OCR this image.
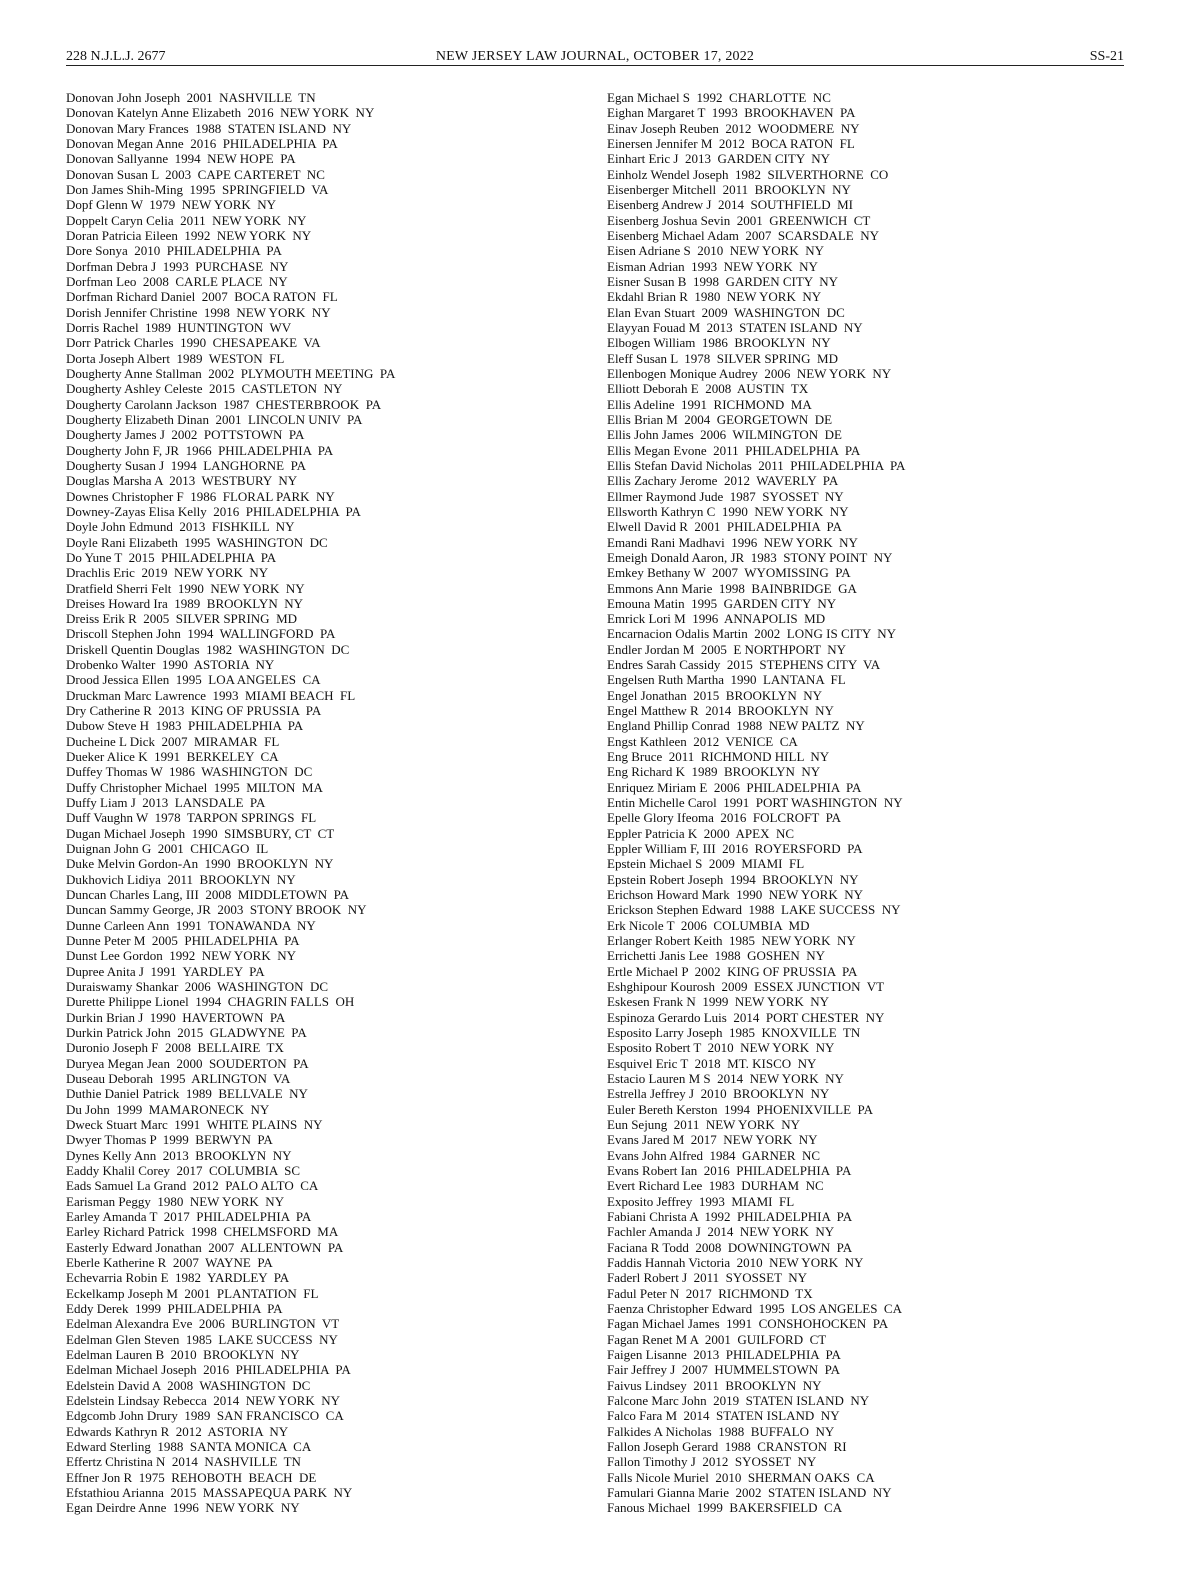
NEW JERSEY LAW JOURNAL, OCTOBER 17, 2022
228 N.J.L.J. 2677	SS-21
Donovan John Joseph  2001  NASHVILLE  TN
Donovan Katelyn Anne Elizabeth  2016  NEW YORK  NY
Donovan Mary Frances  1988  STATEN ISLAND  NY
Donovan Megan Anne  2016  PHILADELPHIA  PA
Donovan Sallyanne  1994  NEW HOPE  PA
Donovan Susan L  2003  CAPE CARTERET  NC
Don James Shih-Ming  1995  SPRINGFIELD  VA
Dopf Glenn W  1979  NEW YORK  NY
Doppelt Caryn Celia  2011  NEW YORK  NY
Doran Patricia Eileen  1992  NEW YORK  NY
Dore Sonya  2010  PHILADELPHIA  PA
Dorfman Debra J  1993  PURCHASE  NY
Dorfman Leo  2008  CARLE PLACE  NY
Dorfman Richard Daniel  2007  BOCA RATON  FL
Dorish Jennifer Christine  1998  NEW YORK  NY
Dorris Rachel  1989  HUNTINGTON  WV
Dorr Patrick Charles  1990  CHESAPEAKE  VA
Dorta Joseph Albert  1989  WESTON  FL
Dougherty Anne Stallman  2002  PLYMOUTH MEETING  PA
Dougherty Ashley Celeste  2015  CASTLETON  NY
Dougherty Carolann Jackson  1987  CHESTERBROOK  PA
Dougherty Elizabeth Dinan  2001  LINCOLN UNIV  PA
Dougherty James J  2002  POTTSTOWN  PA
Dougherty John F, JR  1966  PHILADELPHIA  PA
Dougherty Susan J  1994  LANGHORNE  PA
Douglas Marsha A  2013  WESTBURY  NY
Downes Christopher F  1986  FLORAL PARK  NY
Downey-Zayas Elisa Kelly  2016  PHILADELPHIA  PA
Doyle John Edmund  2013  FISHKILL  NY
Doyle Rani Elizabeth  1995  WASHINGTON  DC
Do Yune T  2015  PHILADELPHIA  PA
Drachlis Eric  2019  NEW YORK  NY
Dratfield Sherri Felt  1990  NEW YORK  NY
Dreises Howard Ira  1989  BROOKLYN  NY
Dreiss Erik R  2005  SILVER SPRING  MD
Driscoll Stephen John  1994  WALLINGFORD  PA
Driskell Quentin Douglas  1982  WASHINGTON  DC
Drobenko Walter  1990  ASTORIA  NY
Drood Jessica Ellen  1995  LOA ANGELES  CA
Druckman Marc Lawrence  1993  MIAMI BEACH  FL
Dry Catherine R  2013  KING OF PRUSSIA  PA
Dubow Steve H  1983  PHILADELPHIA  PA
Ducheine L Dick  2007  MIRAMAR  FL
Dueker Alice K  1991  BERKELEY  CA
Duffey Thomas W  1986  WASHINGTON  DC
Duffy Christopher Michael  1995  MILTON  MA
Duffy Liam J  2013  LANSDALE  PA
Duff Vaughn W  1978  TARPON SPRINGS  FL
Dugan Michael Joseph  1990  SIMSBURY, CT  CT
Duignan John G  2001  CHICAGO  IL
Duke Melvin Gordon-An  1990  BROOKLYN  NY
Dukhovich Lidiya  2011  BROOKLYN  NY
Duncan Charles Lang, III  2008  MIDDLETOWN  PA
Duncan Sammy George, JR  2003  STONY BROOK  NY
Dunne Carleen Ann  1991  TONAWANDA  NY
Dunne Peter M  2005  PHILADELPHIA  PA
Dunst Lee Gordon  1992  NEW YORK  NY
Dupree Anita J  1991  YARDLEY  PA
Duraiswamy Shankar  2006  WASHINGTON  DC
Durette Philippe Lionel  1994  CHAGRIN FALLS  OH
Durkin Brian J  1990  HAVERTOWN  PA
Durkin Patrick John  2015  GLADWYNE  PA
Duronio Joseph F  2008  BELLAIRE  TX
Duryea Megan Jean  2000  SOUDERTON  PA
Duseau Deborah  1995  ARLINGTON  VA
Duthie Daniel Patrick  1989  BELLVALE  NY
Du John  1999  MAMARONECK  NY
Dweck Stuart Marc  1991  WHITE PLAINS  NY
Dwyer Thomas P  1999  BERWYN  PA
Dynes Kelly Ann  2013  BROOKLYN  NY
Eaddy Khalil Corey  2017  COLUMBIA  SC
Eads Samuel La Grand  2012  PALO ALTO  CA
Earisman Peggy  1980  NEW YORK  NY
Earley Amanda T  2017  PHILADELPHIA  PA
Earley Richard Patrick  1998  CHELMSFORD  MA
Easterly Edward Jonathan  2007  ALLENTOWN  PA
Eberle Katherine R  2007  WAYNE  PA
Echevarria Robin E  1982  YARDLEY  PA
Eckelkamp Joseph M  2001  PLANTATION  FL
Eddy Derek  1999  PHILADELPHIA  PA
Edelman Alexandra Eve  2006  BURLINGTON  VT
Edelman Glen Steven  1985  LAKE SUCCESS  NY
Edelman Lauren B  2010  BROOKLYN  NY
Edelman Michael Joseph  2016  PHILADELPHIA  PA
Edelstein David A  2008  WASHINGTON  DC
Edelstein Lindsay Rebecca  2014  NEW YORK  NY
Edgcomb John Drury  1989  SAN FRANCISCO  CA
Edwards Kathryn R  2012  ASTORIA  NY
Edward Sterling  1988  SANTA MONICA  CA
Effertz Christina N  2014  NASHVILLE  TN
Effner Jon R  1975  REHOBOTH  BEACH  DE
Efstathiou Arianna  2015  MASSAPEQUA PARK  NY
Egan Deirdre Anne  1996  NEW YORK  NY
Egan Michael S  1992  CHARLOTTE  NC
Eighan Margaret T  1993  BROOKHAVEN  PA
Einav Joseph Reuben  2012  WOODMERE  NY
Einersen Jennifer M  2012  BOCA RATON  FL
Einhart Eric J  2013  GARDEN CITY  NY
Einholz Wendel Joseph  1982  SILVERTHORNE  CO
Eisenberger Mitchell  2011  BROOKLYN  NY
Eisenberg Andrew J  2014  SOUTHFIELD  MI
Eisenberg Joshua Sevin  2001  GREENWICH  CT
Eisenberg Michael Adam  2007  SCARSDALE  NY
Eisen Adriane S  2010  NEW YORK  NY
Eisman Adrian  1993  NEW YORK  NY
Eisner Susan B  1998  GARDEN CITY  NY
Ekdahl Brian R  1980  NEW YORK  NY
Elan Evan Stuart  2009  WASHINGTON  DC
Elayyan Fouad M  2013  STATEN ISLAND  NY
Elbogen William  1986  BROOKLYN  NY
Eleff Susan L  1978  SILVER SPRING  MD
Ellenbogen Monique Audrey  2006  NEW YORK  NY
Elliott Deborah E  2008  AUSTIN  TX
Ellis Adeline  1991  RICHMOND  MA
Ellis Brian M  2004  GEORGETOWN  DE
Ellis John James  2006  WILMINGTON  DE
Ellis Megan Evone  2011  PHILADELPHIA  PA
Ellis Stefan David Nicholas  2011  PHILADELPHIA  PA
Ellis Zachary Jerome  2012  WAVERLY  PA
Ellmer Raymond Jude  1987  SYOSSET  NY
Ellsworth Kathryn C  1990  NEW YORK  NY
Elwell David R  2001  PHILADELPHIA  PA
Emandi Rani Madhavi  1996  NEW YORK  NY
Emeigh Donald Aaron, JR  1983  STONY POINT  NY
Emkey Bethany W  2007  WYOMISSING  PA
Emmons Ann Marie  1998  BAINBRIDGE  GA
Emouna Matin  1995  GARDEN CITY  NY
Emrick Lori M  1996  ANNAPOLIS  MD
Encarnacion Odalis Martin  2002  LONG IS CITY  NY
Endler Jordan M  2005  E NORTHPORT  NY
Endres Sarah Cassidy  2015  STEPHENS CITY  VA
Engelsen Ruth Martha  1990  LANTANA  FL
Engel Jonathan  2015  BROOKLYN  NY
Engel Matthew R  2014  BROOKLYN  NY
England Phillip Conrad  1988  NEW PALTZ  NY
Engst Kathleen  2012  VENICE  CA
Eng Bruce  2011  RICHMOND HILL  NY
Eng Richard K  1989  BROOKLYN  NY
Enriquez Miriam E  2006  PHILADELPHIA  PA
Entin Michelle Carol  1991  PORT WASHINGTON  NY
Epelle Glory Ifeoma  2016  FOLCROFT  PA
Eppler Patricia K  2000  APEX  NC
Eppler William F, III  2016  ROYERSFORD  PA
Epstein Michael S  2009  MIAMI  FL
Epstein Robert Joseph  1994  BROOKLYN  NY
Erichson Howard Mark  1990  NEW YORK  NY
Erickson Stephen Edward  1988  LAKE SUCCESS  NY
Erk Nicole T  2006  COLUMBIA  MD
Erlanger Robert Keith  1985  NEW YORK  NY
Errichetti Janis Lee  1988  GOSHEN  NY
Ertle Michael P  2002  KING OF PRUSSIA  PA
Eshghipour Kourosh  2009  ESSEX JUNCTION  VT
Eskesen Frank N  1999  NEW YORK  NY
Espinoza Gerardo Luis  2014  PORT CHESTER  NY
Esposito Larry Joseph  1985  KNOXVILLE  TN
Esposito Robert T  2010  NEW YORK  NY
Esquivel Eric T  2018  MT. KISCO  NY
Estacio Lauren M S  2014  NEW YORK  NY
Estrella Jeffrey J  2010  BROOKLYN  NY
Euler Bereth Kerston  1994  PHOENIXVILLE  PA
Eun Sejung  2011  NEW YORK  NY
Evans Jared M  2017  NEW YORK  NY
Evans John Alfred  1984  GARNER  NC
Evans Robert Ian  2016  PHILADELPHIA  PA
Evert Richard Lee  1983  DURHAM  NC
Exposito Jeffrey  1993  MIAMI  FL
Fabiani Christa A  1992  PHILADELPHIA  PA
Fachler Amanda J  2014  NEW YORK  NY
Faciana R Todd  2008  DOWNINGTOWN  PA
Faddis Hannah Victoria  2010  NEW YORK  NY
Faderl Robert J  2011  SYOSSET  NY
Fadul Peter N  2017  RICHMOND  TX
Faenza Christopher Edward  1995  LOS ANGELES  CA
Fagan Michael James  1991  CONSHOHOCKEN  PA
Fagan Renet M A  2001  GUILFORD  CT
Faigen Lisanne  2013  PHILADELPHIA  PA
Fair Jeffrey J  2007  HUMMELSTOWN  PA
Faivus Lindsey  2011  BROOKLYN  NY
Falcone Marc John  2019  STATEN ISLAND  NY
Falco Fara M  2014  STATEN ISLAND  NY
Falkides A Nicholas  1988  BUFFALO  NY
Fallon Joseph Gerard  1988  CRANSTON  RI
Fallon Timothy J  2012  SYOSSET  NY
Falls Nicole Muriel  2010  SHERMAN OAKS  CA
Famulari Gianna Marie  2002  STATEN ISLAND  NY
Fanous Michael  1999  BAKERSFIELD  CA
